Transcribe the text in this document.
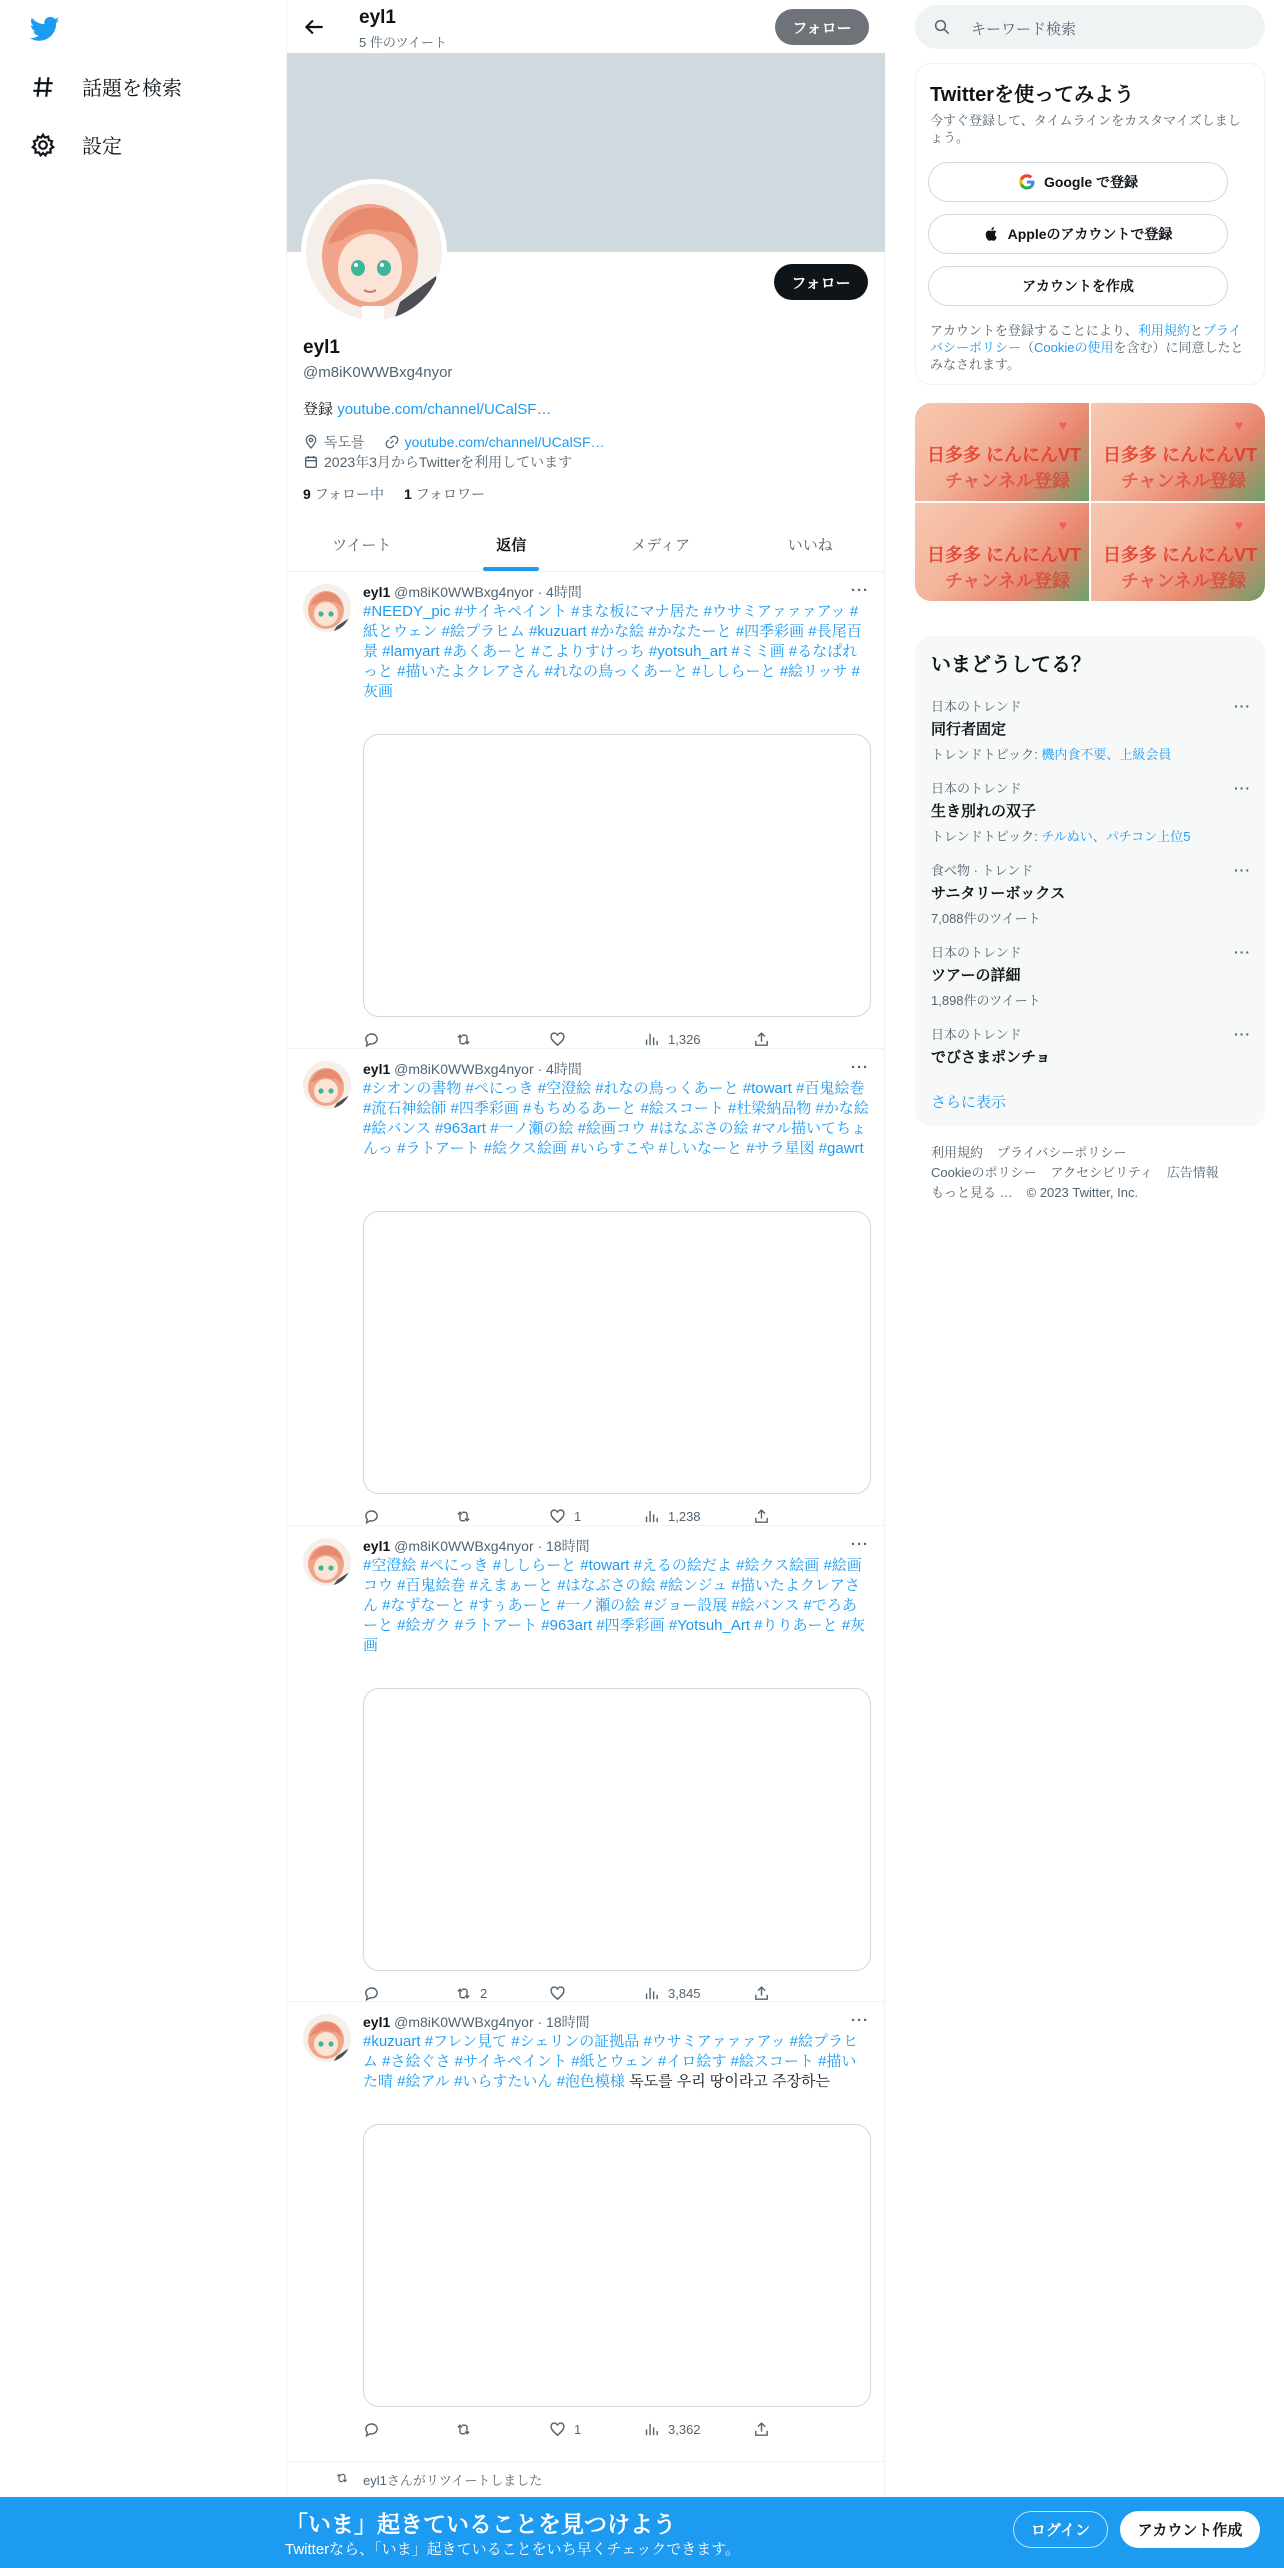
話題を検索
設定
eyl1
5 件のツイート
フォロー
フォロー
eyl1
@m8iK0WWBxg4nyor
登録 youtube.com/channel/UCalSF…
독도를	youtube.com/channel/UCalSF…
2023年3月からTwitterを利用しています
9 フォロー中 1 フォロワー
ツイート	返信	メディア	いいね
eyl1 @m8iK0WWBxg4nyor · 4時間	···
#NEEDY_pic #サイキペイント #まな板にマナ居た #ウサミアァァァアッ #紙とウェン #絵プラヒム #kuzuart #かな絵 #かなたーと #四季彩画 #長尾百景 #lamyart #あくあーと #こよりすけっち #yotsuh_art #ミミ画 #るなぱれっと #描いたよクレアさん #れなの鳥っくあーと #ししらーと #絵リッサ #灰画
1,326
eyl1 @m8iK0WWBxg4nyor · 4時間	···
#シオンの書物 #ぺにっき #空澄絵 #れなの鳥っくあーと #towart #百鬼絵巻 #流石神絵師 #四季彩画 #もちめるあーと #絵スコート #杜梁納品物 #かな絵 #絵バンス #963art #一ノ瀬の絵 #絵画コウ #はなぶさの絵 #マル描いてちょんっ #ラトアート #絵クス絵画 #いらすこや #しいなーと #サラ星図 #gawrt
1	1,238
eyl1 @m8iK0WWBxg4nyor · 18時間	···
#空澄絵 #ぺにっき #ししらーと #towart #えるの絵だよ #絵クス絵画 #絵画コウ #百鬼絵巻 #えまぁーと #はなぶさの絵 #絵ンジュ #描いたよクレアさん #なずなーと #すぅあーと #一ノ瀬の絵 #ジョー設展 #絵バンス #でろあーと #絵ガク #ラトアート #963art #四季彩画 #Yotsuh_Art #りりあーと #灰画
2	3,845
eyl1 @m8iK0WWBxg4nyor · 18時間	···
#kuzuart #フレン見て #シェリンの証拠品 #ウサミアァァァアッ #絵プラヒム #さ絵ぐさ #サイキペイント #紙とウェン #イロ絵す #絵スコート #描いた晴 #絵アル #いらすたいん #泡色模様 독도를 우리 땅이라고 주장하는
1	3,362
eyl1さんがリツイートしました
キーワード検索
Twitterを使ってみよう
今すぐ登録して、タイムラインをカスタマイズしましょう。
Google で登録
Appleのアカウントで登録
アカウントを作成
アカウントを登録することにより、利用規約とプライバシーポリシー（Cookieの使用を含む）に同意したとみなされます。
♥
日多多 にんにんVT
チャンネル登録
♥
日多多 にんにんVT
チャンネル登録
♥
日多多 にんにんVT
チャンネル登録
♥
日多多 にんにんVT
チャンネル登録
いまどうしてる？
日本のトレンド
同行者固定
トレンドトピック: 機内食不要、上級会員
···
日本のトレンド
生き別れの双子
トレンドトピック: チルぬい、パチコン上位5
···
食べ物 · トレンド
サニタリーボックス
7,088件のツイート
···
日本のトレンド
ツアーの詳細
1,898件のツイート
···
日本のトレンド
でびさまポンチョ
···
さらに表示
利用規約 プライバシーポリシー
Cookieのポリシー アクセシビリティ 広告情報
もっと見る … © 2023 Twitter, Inc.
「いま」起きていることを見つけよう
Twitterなら、「いま」起きていることをいち早くチェックできます。
ログイン	アカウント作成
